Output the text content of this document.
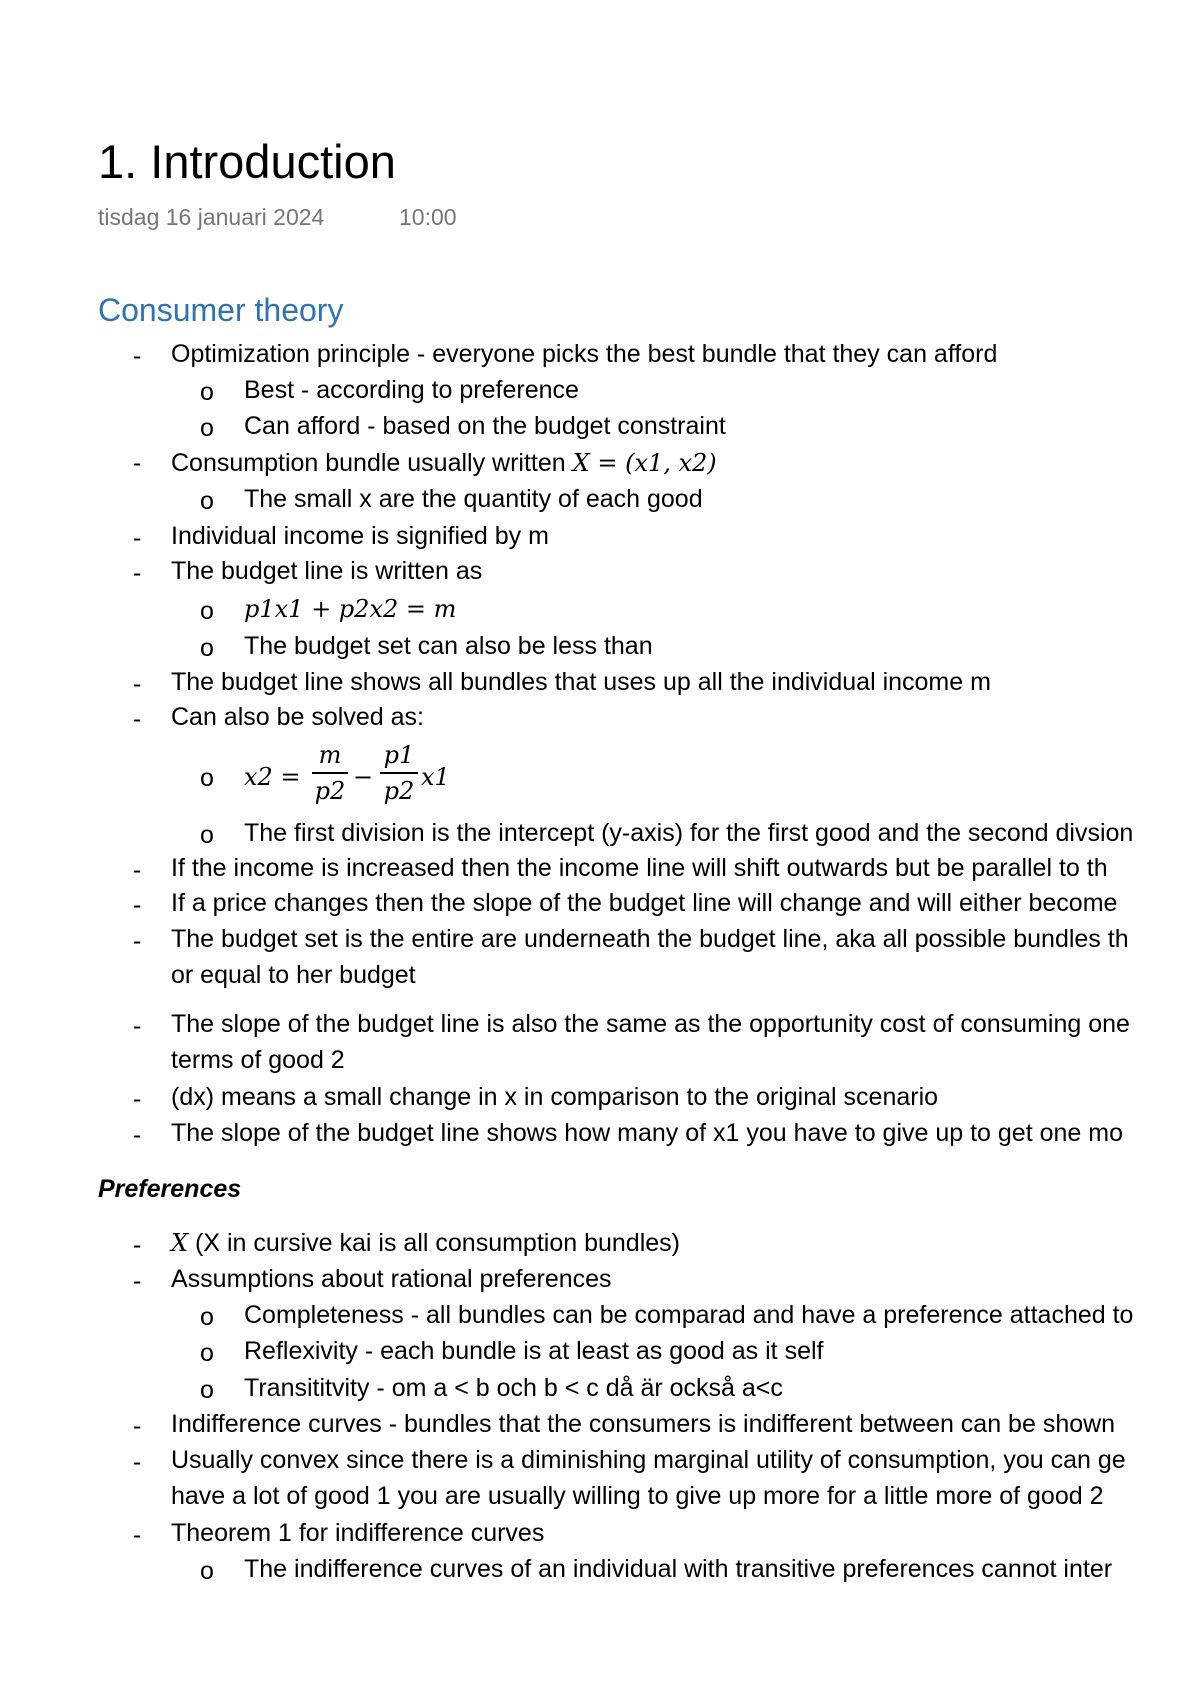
1. Introduction
tisdag 16 januari 2024	10:00
Consumer theory
- Optimization principle - everyone picks the best bundle that they can afford
o Best - according to preference
o Can afford - based on the budget constraint
- Consumption bundle usually written X = (x1, x2)
o The small x are the quantity of each good
- Individual income is signified by m
- The budget line is written as
o p1x1 + p2x2 = m
o The budget set can also be less than
- The budget line shows all bundles that uses up all the individual income m
- Can also be solved as:
o x2 =
m
p2 −
p1
p2 x1
o The first division is the intercept (y-axis) for the first good and the second divsion
- If the income is increased then the income line will shift outwards but be parallel to th
- If a price changes then the slope of the budget line will change and will either become
- The budget set is the entire are underneath the budget line, aka all possible bundles th
or equal to her budget
- The slope of the budget line is also the same as the opportunity cost of consuming one
terms of good 2
- (dx) means a small change in x in comparison to the original scenario
- The slope of the budget line shows how many of x1 you have to give up to get one mo
Preferences
- X (X in cursive kai is all consumption bundles)
- Assumptions about rational preferences
o Completeness - all bundles can be comparad and have a preference attached to
o Reflexivity - each bundle is at least as good as it self
o Transititvity - om a < b och b < c då är också a<c
- Indifference curves - bundles that the consumers is indifferent between can be shown
- Usually convex since there is a diminishing marginal utility of consumption, you can ge
have a lot of good 1 you are usually willing to give up more for a little more of good 2
- Theorem 1 for indifference curves
o The indifference curves of an individual with transitive preferences cannot inter
